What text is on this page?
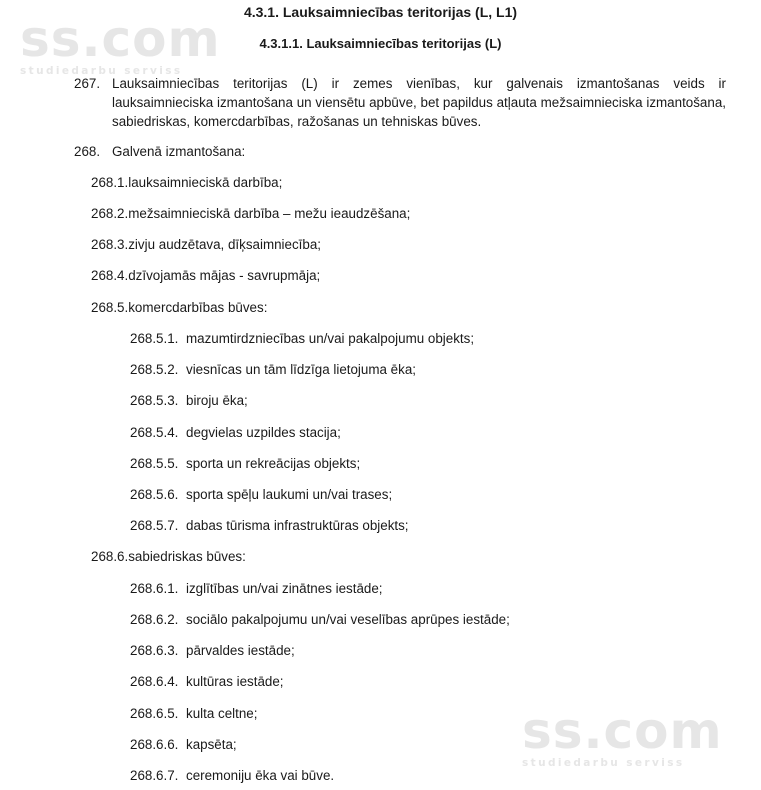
ss.com
studiedarbu serviss
ss.com
studiedarbu serviss
4.3.1. Lauksaimniecības teritorijas (L, L1)
4.3.1.1. Lauksaimniecības teritorijas (L)
267. Lauksaimniecības teritorijas (L) ir zemes vienības, kur galvenais izmantošanas veids ir lauksaimnieciska izmantošana un viensētu apbūve, bet papildus atļauta mežsaimnieciska izmantošana, sabiedriskas, komercdarbības, ražošanas un tehniskas būves.
268. Galvenā izmantošana:
268.1.lauksaimnieciskā darbība;
268.2.mežsaimnieciskā darbība – mežu ieaudzēšana;
268.3.zivju audzētava, dīķsaimniecība;
268.4.dzīvojamās mājas - savrupmāja;
268.5.komercdarbības būves:
268.5.1. mazumtirdzniecības un/vai pakalpojumu objekts;
268.5.2. viesnīcas un tām līdzīga lietojuma ēka;
268.5.3. biroju ēka;
268.5.4. degvielas uzpildes stacija;
268.5.5. sporta un rekreācijas objekts;
268.5.6. sporta spēļu laukumi un/vai trases;
268.5.7. dabas tūrisma infrastruktūras objekts;
268.6.sabiedriskas būves:
268.6.1. izglītības un/vai zinātnes iestāde;
268.6.2. sociālo pakalpojumu un/vai veselības aprūpes iestāde;
268.6.3. pārvaldes iestāde;
268.6.4. kultūras iestāde;
268.6.5. kulta celtne;
268.6.6. kapsēta;
268.6.7. ceremoniju ēka vai būve.
